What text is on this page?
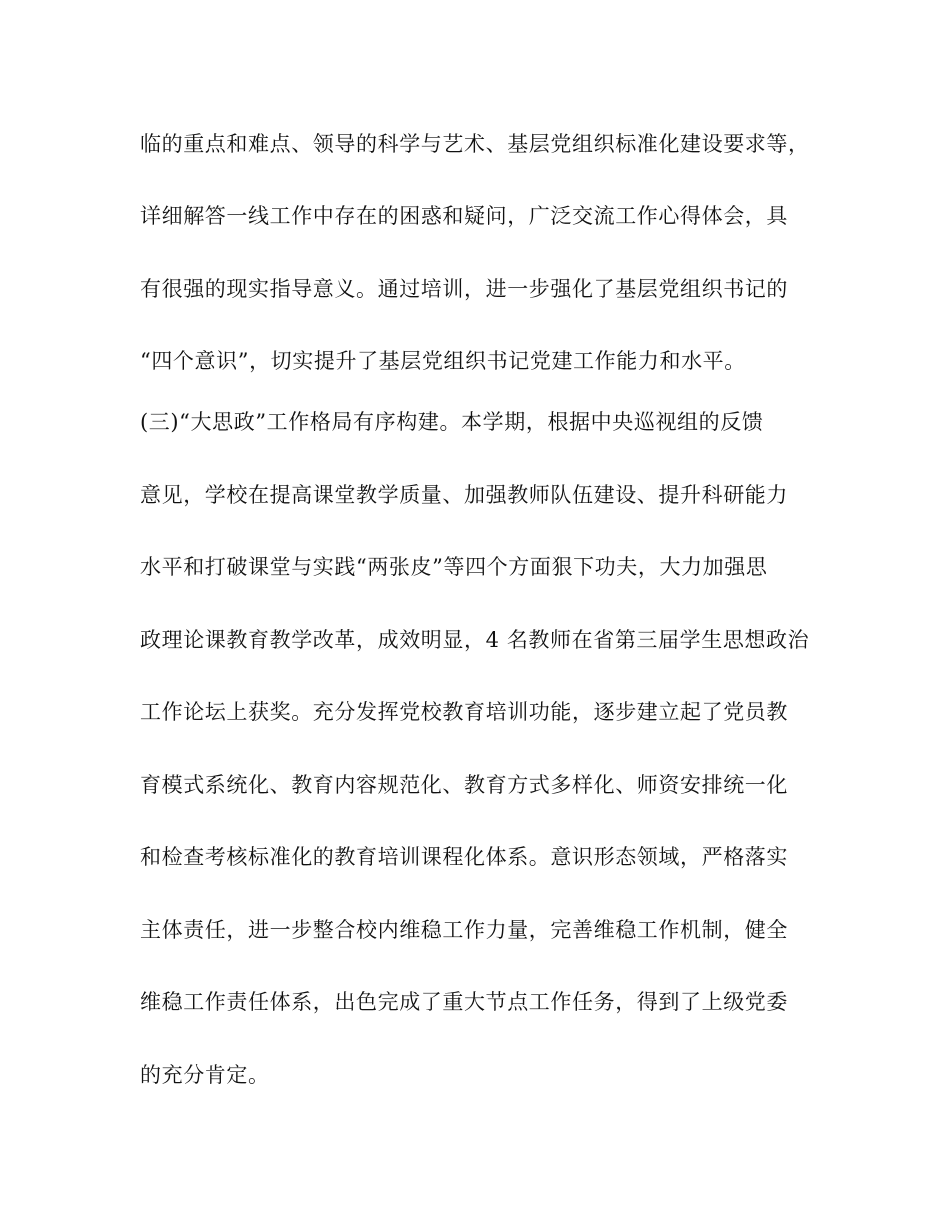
临的重点和难点、领导的科学与艺术、基层党组织标准化建设要求等，
详细解答一线工作中存在的困惑和疑问，广泛交流工作心得体会，具
有很强的现实指导意义。通过培训，进一步强化了基层党组织书记的
“四个意识”，切实提升了基层党组织书记党建工作能力和水平。
(三)“大思政”工作格局有序构建。本学期，根据中央巡视组的反馈
意见，学校在提高课堂教学质量、加强教师队伍建设、提升科研能力
水平和打破课堂与实践“两张皮”等四个方面狠下功夫，大力加强思
政理论课教育教学改革，成效明显，4 名教师在省第三届学生思想政治
工作论坛上获奖。充分发挥党校教育培训功能，逐步建立起了党员教
育模式系统化、教育内容规范化、教育方式多样化、师资安排统一化
和检查考核标准化的教育培训课程化体系。意识形态领域，严格落实
主体责任，进一步整合校内维稳工作力量，完善维稳工作机制，健全
维稳工作责任体系，出色完成了重大节点工作任务，得到了上级党委
的充分肯定。
